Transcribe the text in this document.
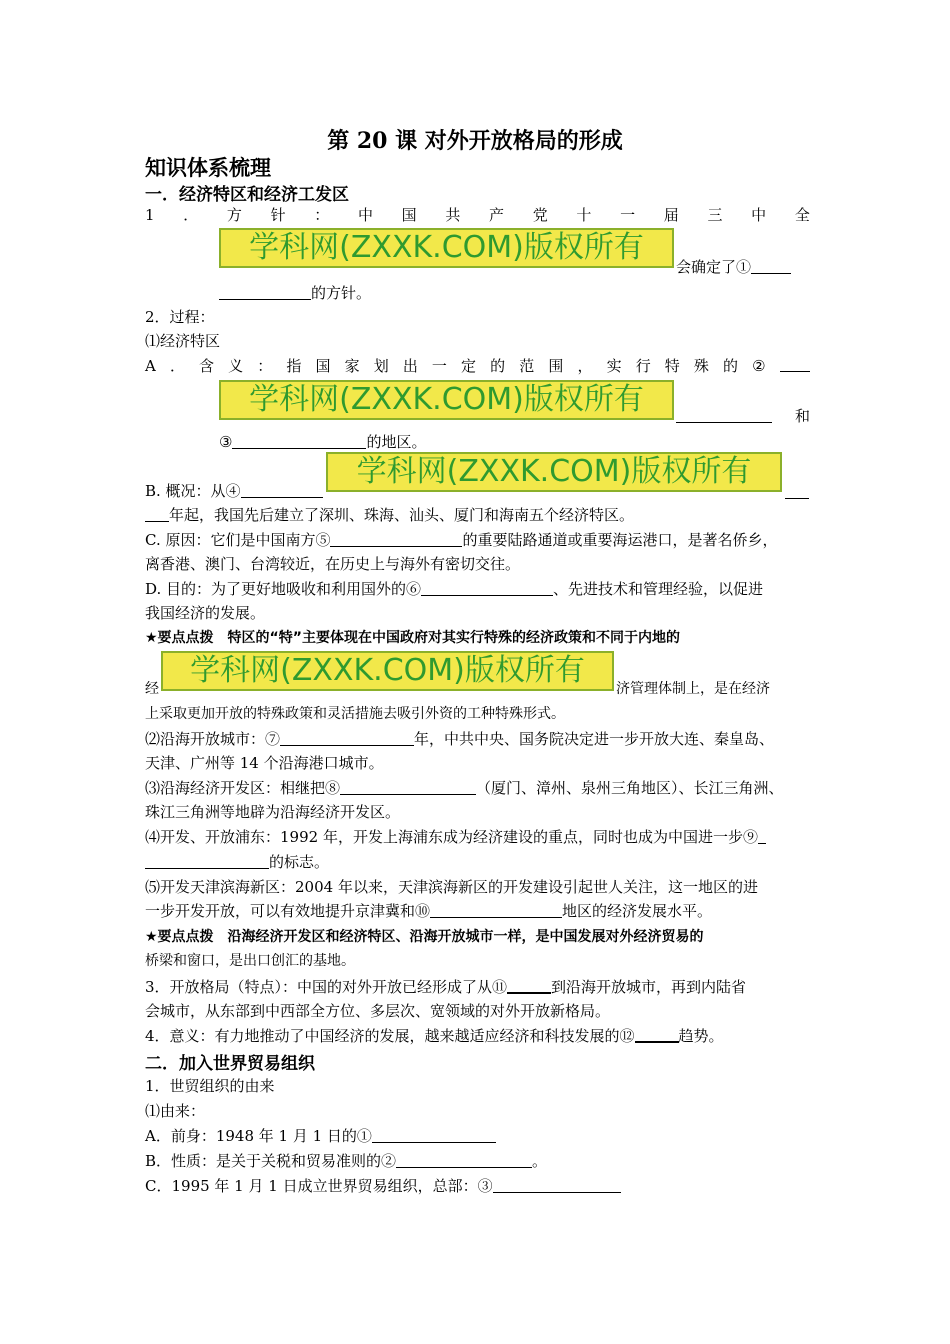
第 20 课 对外开放格局的形成
知识体系梳理
一．经济特区和经济工发区
1 ． 方 针 ： 中 国 共 产 党 十 一 届 三 中 全
学科网(ZXXK.COM)版权所有
会确定了①
的方针。
2．过程：
⑴经济特区
A ． 含 义 ： 指 国 家 划 出 一 定 的 范 围 ， 实 行 特 殊 的 ②
学科网(ZXXK.COM)版权所有	和
③	的地区。
学科网(ZXXK.COM)版权所有
B. 概况：从④
年起，我国先后建立了深圳、珠海、汕头、厦门和海南五个经济特区。
C. 原因：它们是中国南方⑤	的重要陆路通道或重要海运港口，是著名侨乡，
离香港、澳门、台湾较近，在历史上与海外有密切交往。
D. 目的：为了更好地吸收和利用国外的⑥	、先进技术和管理经验，以促进
我国经济的发展。
★要点点拨　特区的“特”主要体现在中国政府对其实行特殊的经济政策和不同于内地的
学科网(ZXXK.COM)版权所有
经	济管理体制上，是在经济
上采取更加开放的特殊政策和灵活措施去吸引外资的工种特殊形式。
⑵沿海开放城市：⑦	年，中共中央、国务院决定进一步开放大连、秦皇岛、
天津、广州等 14 个沿海港口城市。
⑶沿海经济开发区：相继把⑧	（厦门、漳州、泉州三角地区）、长江三角洲、
珠江三角洲等地辟为沿海经济开发区。
⑷开发、开放浦东：1992 年，开发上海浦东成为经济建设的重点，同时也成为中国进一步⑨
的标志。
⑸开发天津滨海新区：2004 年以来，天津滨海新区的开发建设引起世人关注，这一地区的进
一步开发开放，可以有效地提升京津冀和⑩	地区的经济发展水平。
★要点点拨　沿海经济开发区和经济特区、沿海开放城市一样，是中国发展对外经济贸易的
桥梁和窗口，是出口创汇的基地。
3．开放格局（特点）：中国的对外开放已经形成了从⑪	到沿海开放城市，再到内陆省
会城市，从东部到中西部全方位、多层次、宽领域的对外开放新格局。
4．意义：有力地推动了中国经济的发展，越来越适应经济和科技发展的⑫	趋势。
二．加入世界贸易组织
1．世贸组织的由来
⑴由来：
A．前身：1948 年 1 月 1 日的①
B．性质：是关于关税和贸易准则的②	。
C．1995 年 1 月 1 日成立世界贸易组织，总部：③
